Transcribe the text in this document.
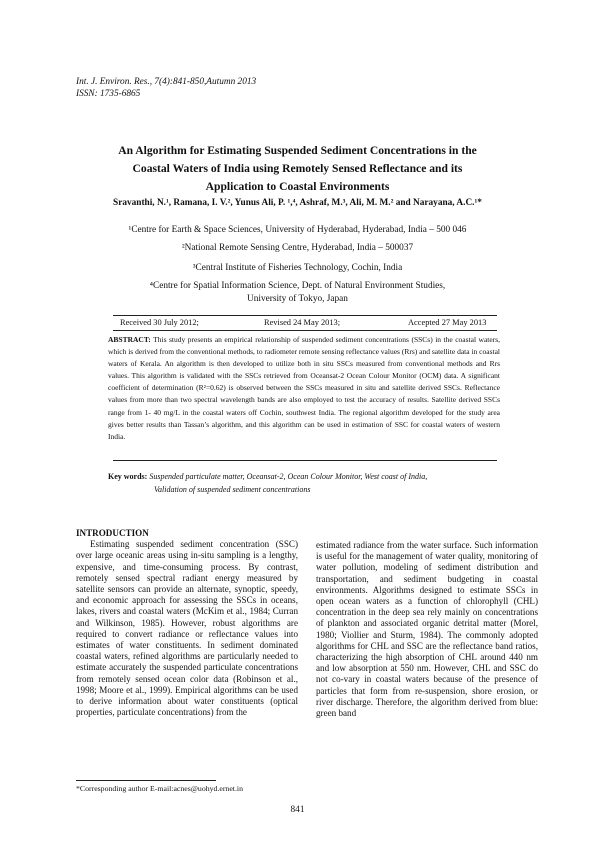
Int. J. Environ. Res., 7(4):841-850,Autumn 2013
ISSN: 1735-6865
An Algorithm for Estimating Suspended Sediment Concentrations in the
Coastal Waters of India using Remotely Sensed Reflectance and its
Application to Coastal Environments
Sravanthi, N.¹, Ramana, I. V.², Yunus Ali, P. ¹,⁴, Ashraf, M.³, Ali, M. M.² and Narayana, A.C.¹*
¹Centre for Earth & Space Sciences, University of Hyderabad, Hyderabad, India – 500 046
²National Remote Sensing Centre, Hyderabad, India – 500037
³Central Institute of Fisheries Technology, Cochin, India
⁴Centre for Spatial Information Science, Dept. of Natural Environment Studies,
University of Tokyo, Japan
Received 30 July 2012;	Revised 24 May 2013;	Accepted 27 May 2013
ABSTRACT: This study presents an empirical relationship of suspended sediment concentrations (SSCs) in the coastal waters, which is derived from the conventional methods, to radiometer remote sensing reflectance values (Rrs) and satellite data in coastal waters of Kerala. An algorithm is then developed to utilize both in situ SSCs measured from conventional methods and Rrs values. This algorithm is validated with the SSCs retrieved from Oceansat-2 Ocean Colour Monitor (OCM) data. A significant coefficient of determination (R²=0.62) is observed between the SSCs measured in situ and satellite derived SSCs. Reflectance values from more than two spectral wavelength bands are also employed to test the accuracy of results. Satellite derived SSCs range from 1- 40 mg/L in the coastal waters off Cochin, southwest India. The regional algorithm developed for the study area gives better results than Tassan’s algorithm, and this algorithm can be used in estimation of SSC for coastal waters of western India.
Key words: Suspended particulate matter, Oceansat-2, Ocean Colour Monitor, West coast of India,
Validation of suspended sediment concentrations
INTRODUCTION

Estimating suspended sediment concentration (SSC) over large oceanic areas using in-situ sampling is a lengthy, expensive, and time-consuming process. By contrast, remotely sensed spectral radiant energy measured by satellite sensors can provide an alternate, synoptic, speedy, and economic approach for assessing the SSCs in oceans, lakes, rivers and coastal waters (McKim et al., 1984; Curran and Wilkinson, 1985). However, robust algorithms are required to convert radiance or reflectance values into estimates of water constituents. In sediment dominated coastal waters, refined algorithms are particularly needed to estimate accurately the suspended particulate concentrations from remotely sensed ocean color data (Robinson et al., 1998; Moore et al., 1999). Empirical algorithms can be used to derive information about water constituents (optical properties, particulate concentrations) from the

estimated radiance from the water surface. Such information is useful for the management of water quality, monitoring of water pollution, modeling of sediment distribution and transportation, and sediment budgeting in coastal environments. Algorithms designed to estimate SSCs in open ocean waters as a function of chlorophyll (CHL) concentration in the deep sea rely mainly on concentrations of plankton and associated organic detrital matter (Morel, 1980; Viollier and Sturm, 1984). The commonly adopted algorithms for CHL and SSC are the reflectance band ratios, characterizing the high absorption of CHL around 440 nm and low absorption at 550 nm. However, CHL and SSC do not co-vary in coastal waters because of the presence of particles that form from re-suspension, shore erosion, or river discharge. Therefore, the algorithm derived from blue: green band

*Corresponding author E-mail:acnes@uohyd.ernet.in
841
